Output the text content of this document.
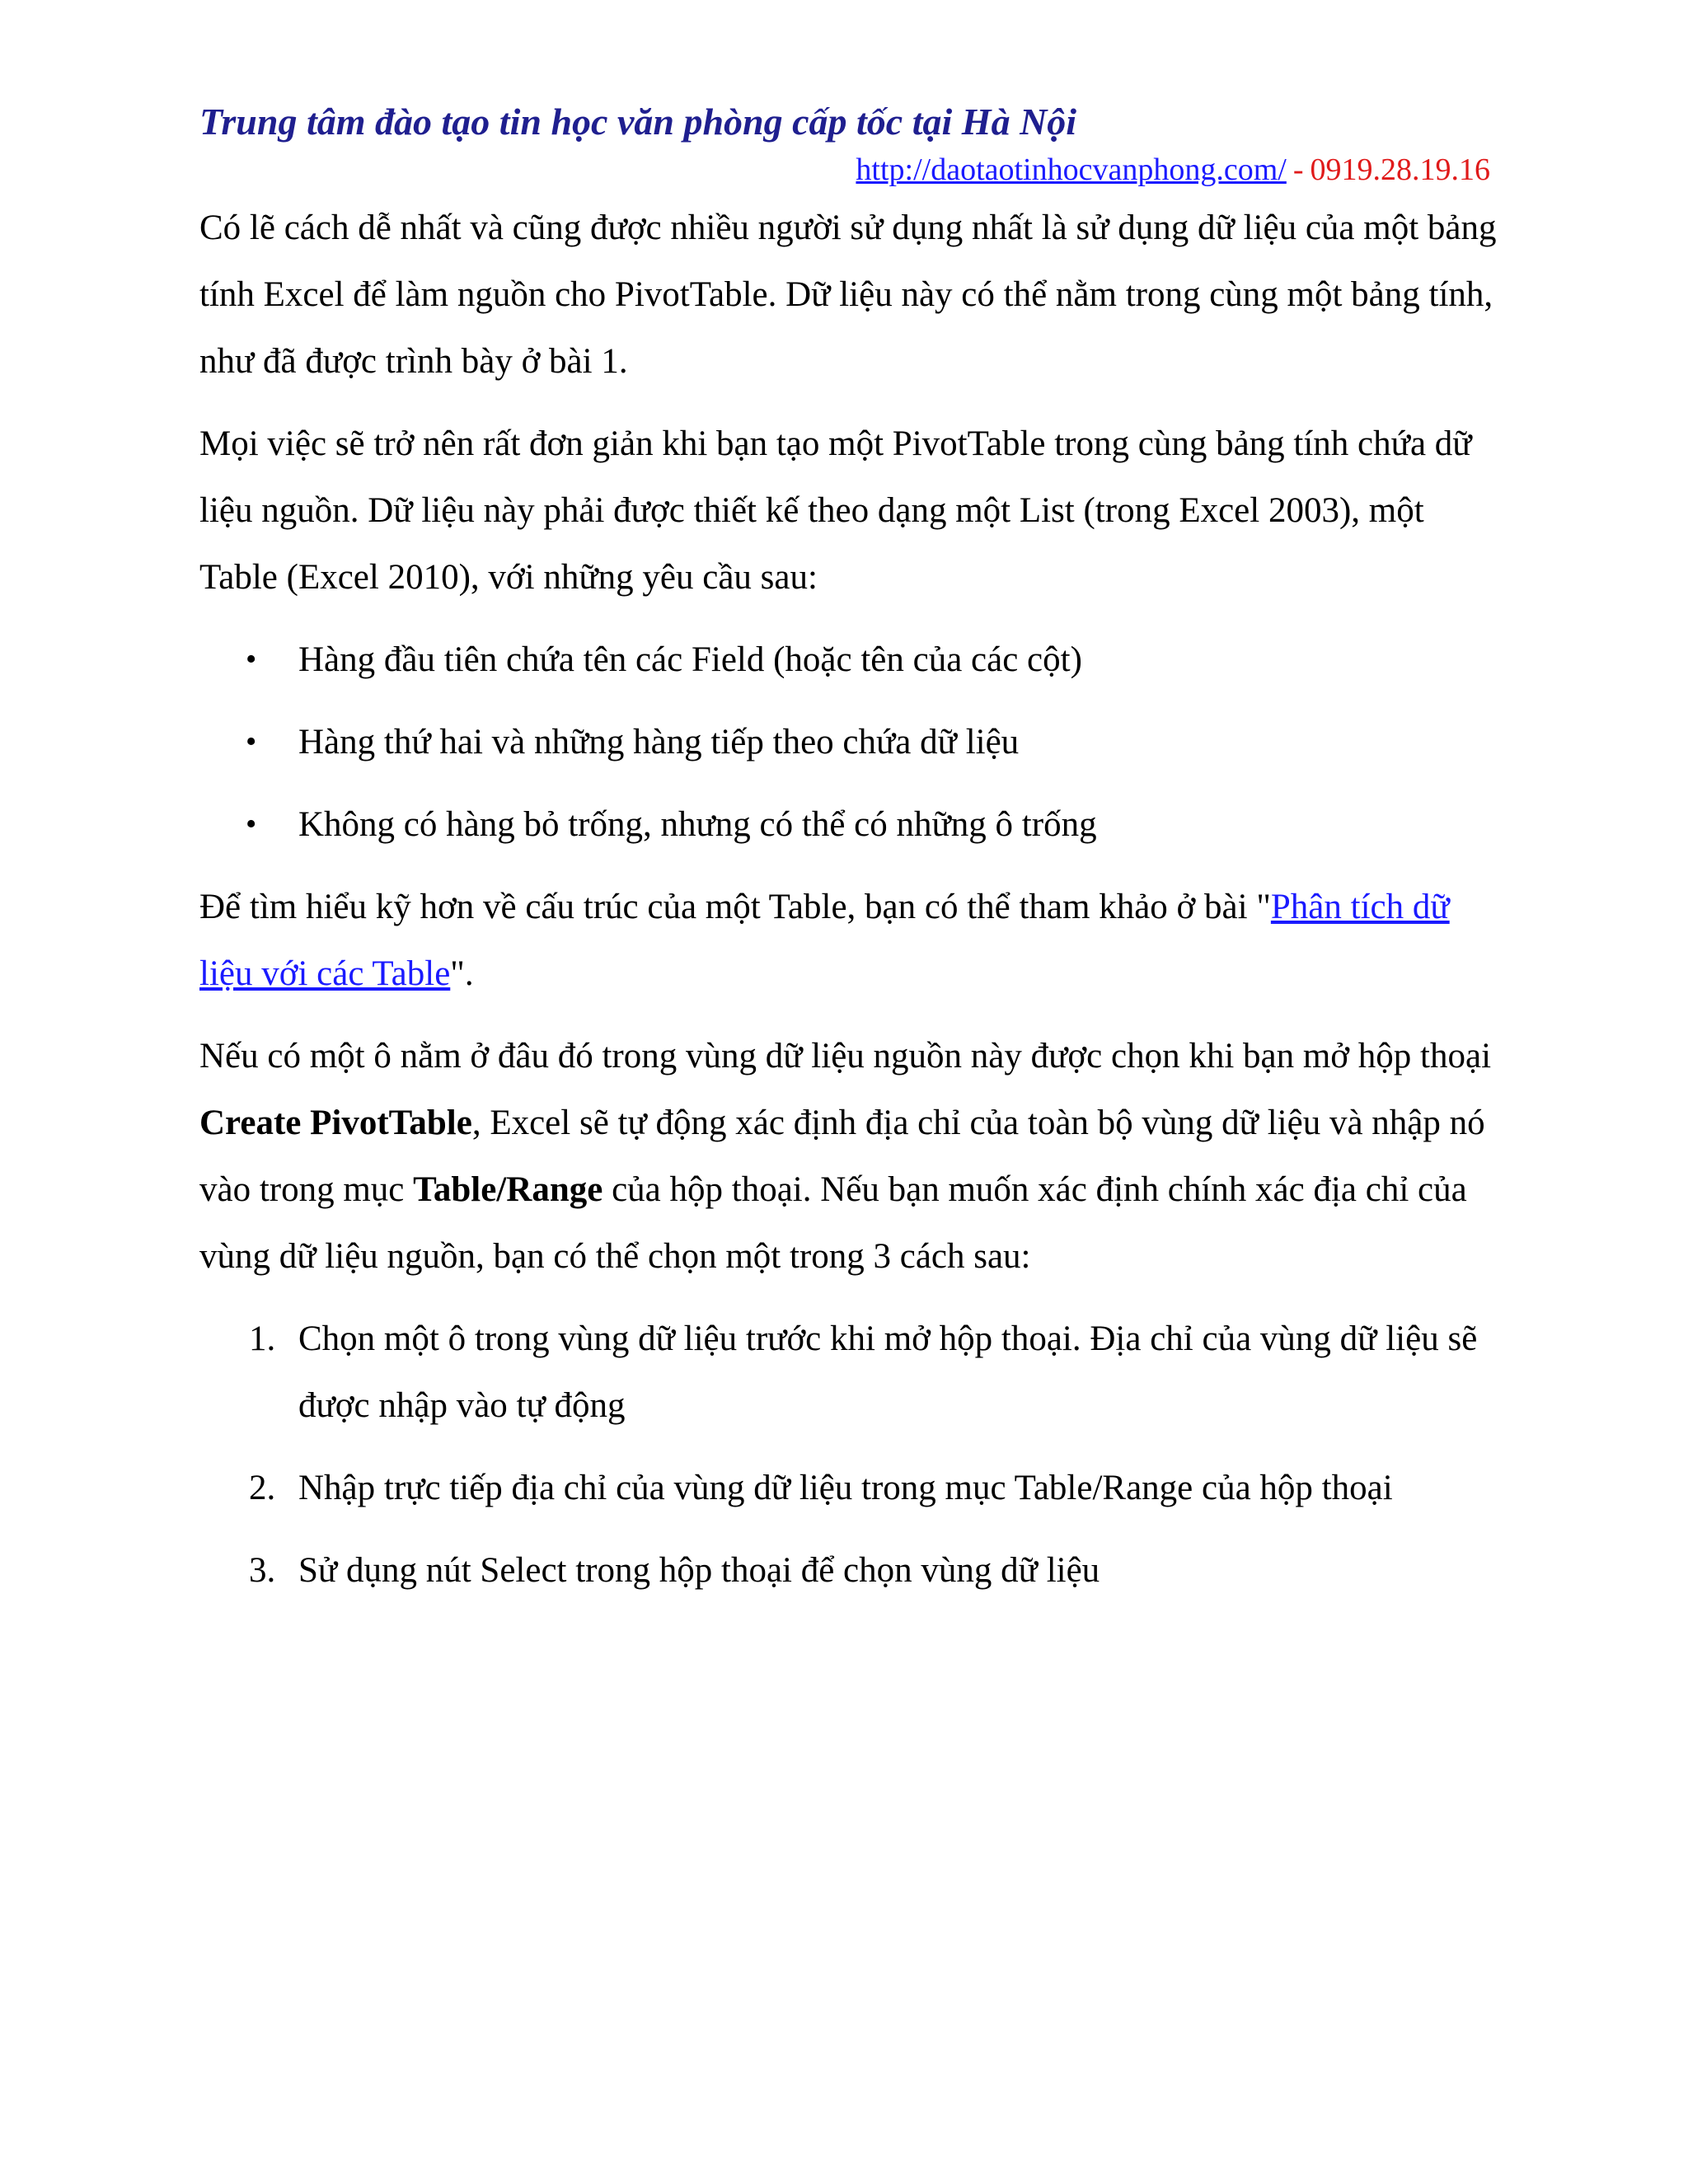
Trung tâm đào tạo tin học văn phòng cấp tốc tại Hà Nội
http://daotaotinhocvanphong.com/ - 0919.28.19.16

Có lẽ cách dễ nhất và cũng được nhiều người sử dụng nhất là sử dụng dữ liệu của một bảng tính Excel để làm nguồn cho PivotTable. Dữ liệu này có thể nằm trong cùng một bảng tính, như đã được trình bày ở bài 1.

Mọi việc sẽ trở nên rất đơn giản khi bạn tạo một PivotTable trong cùng bảng tính chứa dữ liệu nguồn. Dữ liệu này phải được thiết kế theo dạng một List (trong Excel 2003), một Table (Excel 2010), với những yêu cầu sau:

• Hàng đầu tiên chứa tên các Field (hoặc tên của các cột)
• Hàng thứ hai và những hàng tiếp theo chứa dữ liệu
• Không có hàng bỏ trống, nhưng có thể có những ô trống

Để tìm hiểu kỹ hơn về cấu trúc của một Table, bạn có thể tham khảo ở bài "Phân tích dữ liệu với các Table".

Nếu có một ô nằm ở đâu đó trong vùng dữ liệu nguồn này được chọn khi bạn mở hộp thoại Create PivotTable, Excel sẽ tự động xác định địa chỉ của toàn bộ vùng dữ liệu và nhập nó vào trong mục Table/Range của hộp thoại. Nếu bạn muốn xác định chính xác địa chỉ của vùng dữ liệu nguồn, bạn có thể chọn một trong 3 cách sau:

1. Chọn một ô trong vùng dữ liệu trước khi mở hộp thoại. Địa chỉ của vùng dữ liệu sẽ được nhập vào tự động
2. Nhập trực tiếp địa chỉ của vùng dữ liệu trong mục Table/Range của hộp thoại
3. Sử dụng nút Select trong hộp thoại để chọn vùng dữ liệu
